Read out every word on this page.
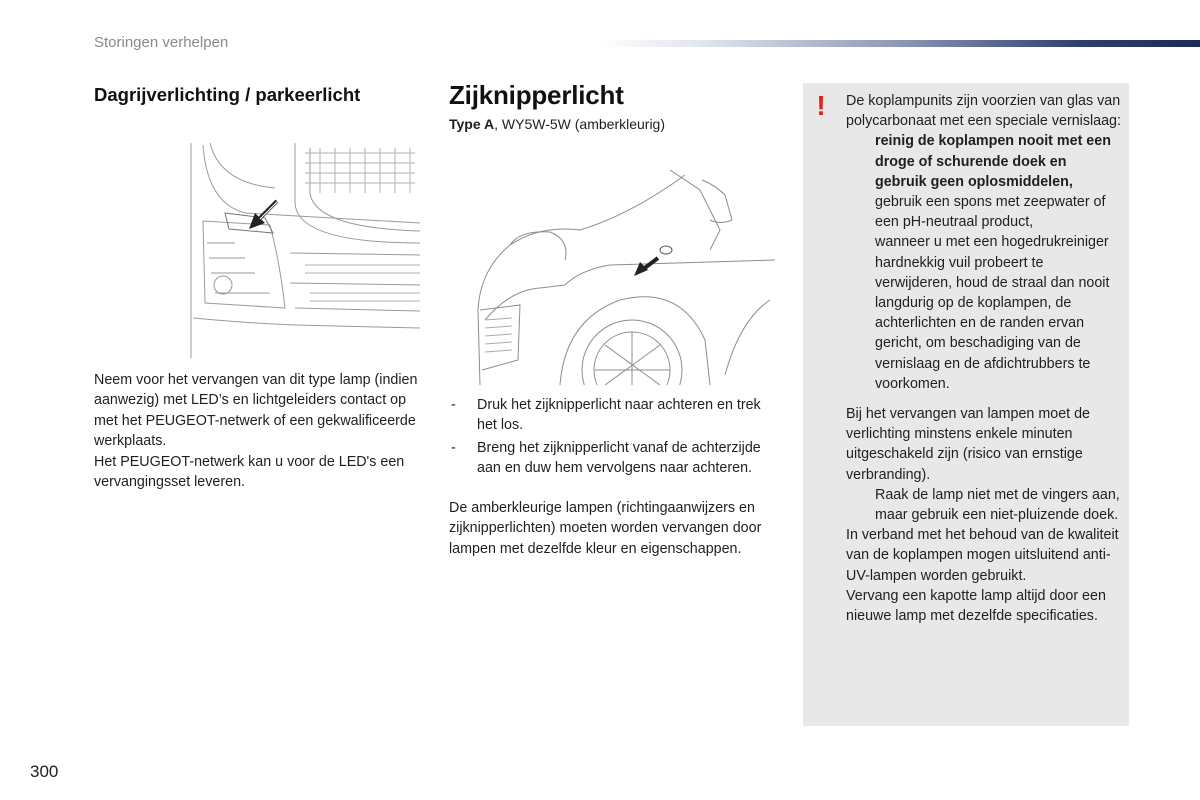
Storingen verhelpen
Dagrijverlichting / parkeerlicht

Neem voor het vervangen van dit type lamp (indien aanwezig) met LED’s en lichtgeleiders contact op met het PEUGEOT-netwerk of een gekwalificeerde werkplaats.

Het PEUGEOT-netwerk kan u voor de LED's een vervangingsset leveren.

Zijknipperlicht
Type A, WY5W-5W (amberkleurig)
- Druk het zijknipperlicht naar achteren en trek het los.
- Breng het zijknipperlicht vanaf de achterzijde aan en duw hem vervolgens naar achteren.
De amberkleurige lampen (richtingaanwijzers en zijknipperlichten) moeten worden vervangen door lampen met dezelfde kleur en eigenschappen.
! De koplampunits zijn voorzien van glas van polycarbonaat met een speciale vernislaag:

reinig de koplampen nooit met een droge of schurende doek en gebruik geen oplosmiddelen,
gebruik een spons met zeepwater of een pH-neutraal product,
wanneer u met een hogedrukreiniger hardnekkig vuil probeert te verwijderen, houd de straal dan nooit langdurig op de koplampen, de achterlichten en de randen ervan gericht, om beschadiging van de vernislaag en de afdichtrubbers te voorkomen.

Bij het vervangen van lampen moet de verlichting minstens enkele minuten uitgeschakeld zijn (risico van ernstige verbranding).

Raak de lamp niet met de vingers aan, maar gebruik een niet-pluizende doek.

In verband met het behoud van de kwaliteit van de koplampen mogen uitsluitend anti-UV-lampen worden gebruikt.

Vervang een kapotte lamp altijd door een nieuwe lamp met dezelfde specificaties.

300
